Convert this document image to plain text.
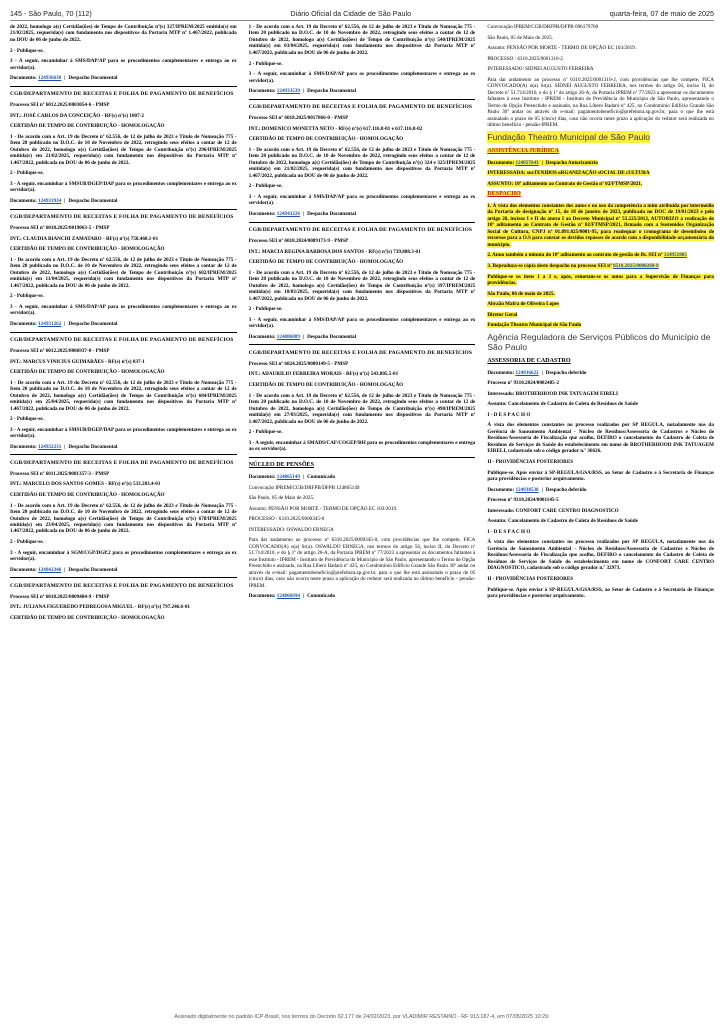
145 - São Paulo, 70 (112)	Diário Oficial da Cidade de São Paulo	quarta-feira, 07 de maio de 2025

de 2022, homologo a(s) Certidão(ões) de Tempo de Contribuição nº(s) 327/IPREM/2025 emitida(s) em 21/02/2025, requerida(s) com fundamento nos dispositivos da Portaria MTP nº 1.467/2022, publicada no DOU de 06 de junho de 2022.

2 - Publique-se.

3 - A seguir, encaminhar à SMS/DAP/AP para os procedimentos complementares e entrega ao ex servidor(a).

Documento: 124936630 | Despacho Documental

CGB/DEPARTAMENTO DE RECEITAS E FOLHA DE PAGAMENTO DE BENEFÍCIOS

Processo SEI nº 6012.2025/0003054-6 - PMSP

INT.: JOSÉ CARLOS DA CONCEIÇÃO - RF(s) nº(s) 1807-2

CERTIDÃO DE TEMPO DE CONTRIBUIÇÃO - HOMOLOGAÇÃO

1 - De acordo com o Art. 19 do Decreto nº 62.556, de 12 de julho de 2023 e Título de Nomeação 775 - Item 20 publicado no D.O.C. de 10 de Novembro de 2022, retrogindo seus efeitos a contar de 12 de Outubro de 2022, homologo a(s) Certidão(ões) de Tempo de Contribuição nº(s) 296/IPREM/2025 emitida(s) em 21/02/2025, requerida(s) com fundamento nos dispositivos da Portaria MTP nº 1.467/2022, publicada no DOU de 06 de junho de 2022.

2 - Publique-se.

3 - A seguir, encaminhar à SMSUB/DGEP/DAP para os procedimentos complementares e entrega ao ex servidor(a).

Documento: 124933934 | Despacho Documental

CGB/DEPARTAMENTO DE RECEITAS E FOLHA DE PAGAMENTO DE BENEFÍCIOS

Processo SEI nº 6018.2025/0019063-5 - PMSP

INT.: CLAUDIA BIANCHI ZAMATARO - RF(s) nº(s) 758.460.1-01

CERTIDÃO DE TEMPO DE CONTRIBUIÇÃO - HOMOLOGAÇÃO

1 - De acordo com o Art. 19 do Decreto nº 62.556, de 12 de julho de 2023 e Título de Nomeação 775 - Item 20 publicado no D.O.C. de 10 de Novembro de 2022, retrogindo seus efeitos a contar de 12 de Outubro de 2022, homologo a(s) Certidão(ões) de Tempo de Contribuição nº(s) 602/IPREM/2025 emitida(s) em 11/04/2025, requerida(s) com fundamento nos dispositivos da Portaria MTP nº 1.467/2022, publicada no DOU de 06 de junho de 2022.

2 - Publique-se.

3 - A seguir, encaminhar à SMS/DAP/AP para os procedimentos complementares e entrega ao ex servidor(a).

Documento: 124931262 | Despacho Documental

CGB/DEPARTAMENTO DE RECEITAS E FOLHA DE PAGAMENTO DE BENEFÍCIOS

Processo SEI nº 6012.2025/0006937-0 - PMSP

INT.: MARCUS VINICIUS GUIMARÃES - RF(s) nº(s) 837-1

CERTIDÃO DE TEMPO DE CONTRIBUIÇÃO - HOMOLOGAÇÃO

1 - De acordo com o Art. 19 do Decreto nº 62.556, de 12 de julho de 2023 e Título de Nomeação 775 - Item 20 publicado no D.O.C. de 10 de Novembro de 2022, retrogindo seus efeitos a contar de 12 de Outubro de 2022, homologo a(s) Certidão(ões) de Tempo de Contribuição nº(s) 684/IPREM/2025 emitida(s) em 25/04/2025, requerida(s) com fundamento nos dispositivos da Portaria MTP nº 1.467/2022, publicada no DOU de 06 de junho de 2022.

2 - Publique-se.

3 - A seguir, encaminhar à SMSUB/DGEP/DAP para os procedimentos complementares e entrega ao ex servidor(a).

Documento: 124932231 | Despacho Documental

CGB/DEPARTAMENTO DE RECEITAS E FOLHA DE PAGAMENTO DE BENEFÍCIOS

Processo SEI nº 6011.2025/0001357-3 - PMSP

INT.: MARCELO DOS SANTOS GOMES - RF(s) nº(s) 533.283.4-01

CERTIDÃO DE TEMPO DE CONTRIBUIÇÃO - HOMOLOGAÇÃO

1 - De acordo com o Art. 19 do Decreto nº 62.556, de 12 de julho de 2023 e Título de Nomeação 775 - Item 20 publicado no D.O.C. de 10 de Novembro de 2022, retrogindo seus efeitos a contar de 12 de Outubro de 2022, homologo a(s) Certidão(ões) de Tempo de Contribuição nº(s) 678/IPREM/2025 emitida(s) em 23/04/2025, requerida(s) com fundamento nos dispositivos da Portaria MTP nº 1.467/2022, publicada no DOU de 06 de junho de 2022.

2 - Publique-se.

3 - A seguir, encaminhar à SGM/CGP/DGP.2 para os procedimentos complementares e entrega ao ex servidor(a).

Documento: 124942346 | Despacho Documental

CGB/DEPARTAMENTO DE RECEITAS E FOLHA DE PAGAMENTO DE BENEFÍCIOS

Processo SEI nº 6018.2025/0009484-9 - PMSP

INT.: JULIANA FIGUEREDO PEDREGOSA MIGUEL - RF(s) nº(s) 797.246.6-01

CERTIDÃO DE TEMPO DE CONTRIBUIÇÃO - HOMOLOGAÇÃO

1 - De acordo com o Art. 19 do Decreto nº 62.556, de 12 de julho de 2023 e Título de Nomeação 775 - Item 20 publicado no D.O.C. de 10 de Novembro de 2022, retrogindo seus efeitos a contar de 12 de Outubro de 2022, homologo a(s) Certidão(ões) de Tempo de Contribuição nº(s) 540/IPREM/2025 emitida(s) em 03/04/2025, requerida(s) com fundamento nos dispositivos da Portaria MTP nº 1.467/2022, publicada no DOU de 06 de junho de 2022.

2 - Publique-se.

3 - A seguir, encaminhar à SMS/DAP/AP para os procedimentos complementares e entrega ao ex servidor(a).

Documento: 124933539 | Despacho Documental

CGB/DEPARTAMENTO DE RECEITAS E FOLHA DE PAGAMENTO DE BENEFÍCIOS

Processo SEI nº 6018.2025/0017866-0 - PMSP

INT.: DOMENICO MONETTA NETO - RF(s) nº(s) 617.116.8-01 e 617.116.8-02

CERTIDÃO DE TEMPO DE CONTRIBUIÇÃO - HOMOLOGAÇÃO

1 - De acordo com o Art. 19 do Decreto nº 62.556, de 12 de julho de 2023 e Título de Nomeação 775 - Item 20 publicado no D.O.C. de 10 de Novembro de 2022, retrogindo seus efeitos a contar de 12 de Outubro de 2022, homologo a(s) Certidão(ões) de Tempo de Contribuição nº(s) 324 e 325/IPREM/2025 emitida(s) em 21/02/2025, requerida(s) com fundamento nos dispositivos da Portaria MTP nº 1.467/2022, publicada no DOU de 06 de junho de 2022.

2 - Publique-se.

3 - A seguir, encaminhar à SMS/DAP/AP para os procedimentos complementares e entrega ao ex servidor(a).

Documento: 124943226 | Despacho Documental

CGB/DEPARTAMENTO DE RECEITAS E FOLHA DE PAGAMENTO DE BENEFÍCIOS

Processo SEI nº 6018.2024/0089173-9 - PMSP

INT.: MARCIA REGINA BARBOSA DOS SANTOS - RF(s) nº(s) 739.888.3-01

CERTIDÃO DE TEMPO DE CONTRIBUIÇÃO - HOMOLOGAÇÃO

1 - De acordo com o Art. 19 do Decreto nº 62.556, de 12 de julho de 2023 e Título de Nomeação 775 - Item 20 publicado no D.O.C. de 10 de Novembro de 2022, retrogindo seus efeitos a contar de 12 de Outubro de 2022, homologo a(s) Certidão(ões) de Tempo de Contribuição nº(s) 397/IPREM/2025 emitida(s) em 10/03/2025, requerida(s) com fundamento nos dispositivos da Portaria MTP nº 1.467/2022, publicada no DOU de 06 de junho de 2022.

2 - Publique-se.

3 - A seguir, encaminhar à SMS/DAP/AP para os procedimentos complementares e entrega ao ex servidor(a).

Documento: 124886889 | Despacho Documental

CGB/DEPARTAMENTO DE RECEITAS E FOLHA DE PAGAMENTO DE BENEFÍCIOS

Processo SEI nº 6024.2025/0000149-5 - PMSP

INT.: ADAURILIO FERREIRA MORAIS - RF(s) nº(s) 543.805.5-01

CERTIDÃO DE TEMPO DE CONTRIBUIÇÃO - HOMOLOGAÇÃO

1 - De acordo com o Art. 19 do Decreto nº 62.556, de 12 de julho de 2023 e Título de Nomeação 775 - Item 20 publicado no D.O.C. de 10 de Novembro de 2022, retrogindo seus efeitos a contar de 12 de Outubro de 2022, homologo a(s) Certidão(ões) de Tempo de Contribuição nº(s) 498/IPREM/2025 emitida(s) em 27/03/2025, requerida(s) com fundamento nos dispositivos da Portaria MTP nº 1.467/2022, publicada no DOU de 06 de junho de 2022.

2 - Publique-se.

3 - A seguir, encaminhar à SMADS/CAF/COGEP/RH para os procedimentos complementares e entrega ao ex servidor(a).

NÚCLEO DE PENSÕES

Documento: 124865149 | Comunicado

Convocação IPREM/CGB/DRFPB/DFPB 124865149

São Paulo, 05 de Maio de 2025.

Assunto: PENSÃO POR MORTE - TERMO DE OPÇÃO EC 103/2019.

PROCESSO : 6310.2025/0000345-0

INTERESSADO: OSWALDO ERNEGA

Para dar andamento ao processo nº 6310.2025/0000345-0, com providências que lhe compete, FICA CONVOCADO(A) o(a) Sr(a). OSWALDO ERNEGA, nos termos do artigo 56, inciso II, do Decreto nº 51.714/2010, e do § 1º do artigo 26-A, da Portaria IPREM nº 77/2023 a apresentar os documentos faltantes à esse Instituto - IPREM - Instituto de Previdência do Município de São Paulo, apresentando o Termo de Opção Preenchido e assinado, na Rua Líbero Badaró nº 425, no Condomínio Edifício Grande São Paulo 30º andar ou através do e-mail: pagamentobeneficio@prefeitura.sp.gov.br, para o que lhe está assinalado o prazo de 05 (cinco) dias, caso não ocorra neste prazo a aplicação do redutor será realizada no último benefício - pensão-IPREM.

Documento: 124866694 | Comunicado

Convocação IPREM/CGB/DRFPB/DFPB 096179760

São Paulo, 05 de Maio de 2025.

Assunto: PENSÃO POR MORTE - TERMO DE OPÇÃO EC 103/2019.

PROCESSO : 6310.2025/0001310-2

INTERESSADO: SIDNEI AUGUSTO FERREIRA

Para dar andamento ao processo nº 6310.2025/0001310-2, com providências que lhe compete, FICA CONVOCADO(A) o(a) Sr(a). SIDNEI AUGUSTO FERREIRA, nos termos do artigo 56, inciso II, do Decreto nº 51.714/2010, e do § 1º do artigo 26-A, da Portaria IPREM nº 77/2023 a apresentar os documentos faltantes à esse Instituto - IPREM - Instituto de Previdência do Município de São Paulo, apresentando o Termo de Opção Preenchido e assinado, na Rua Líbero Badaró nº 425, no Condomínio Edifício Grande São Paulo 30º andar ou através do e-mail: pagamentobeneficio@prefeitura.sp.gov.br, para o que lhe está assinalado o prazo de 05 (cinco) dias, caso não ocorra neste prazo a aplicação do redutor será realizada no último benefício - pensão-IPREM.

Fundação Theatro Municipal de São Paulo

ASSISTÊNCIA JURÍDICA

Documento: 124957643 | Despacho Autorizatório

INTERESSADA: susTENIDOS oRGANIZAÇÃO sOCIAL DE cULTURA

ASSUNTO: 10º aditamento ao Contrato de Gestão nº 02/FTMSP/2021.

DESPACHO

1. À vista dos elementos constantes dos autos e no uso da competência a mim atribuída por intermédio da Portaria de designação nº 15, de 18 de janeiro de 2023, publicada no DOC de 19/01/2023 e pelo artigo 28, incisos I e II do anexo I ao Decreto Municipal nº 53.225/2012, AUTORIZO a realização do 10º aditamento ao Contrato de Gestão nº 02/FTMSP/2021, firmado com a Sustenidos Organização Social de Cultura, CNPJ nº 01.891.025/0001-95, para readequar o cronograma de desembolso de recursos para a O.S para constar os devidos repasses de acordo com a disponibilidade orçamentária do município.

2. Anuo também a minuta do 10º aditamento ao contrato de gestão de fls. SEI nº 124951805

3. Reproduza-se cópia deste despacho no processo SEI nº 8510.2025/0000260-0

Publique-se os itens 1 a 3 e, após, remetam-se os autos para a Supervisão de Finanças para providências.

São Paulo, 06 de maio de 2025.

Abraão Mafra de Oliveira Lopes

Diretor Geral

Fundação Theatro Municipal de São Paulo

Agência Reguladora de Serviços Públicos do Município de São Paulo

ASSESSORIA DE CADASTRO

Documento: 124936622 | Despacho deferido

Processo nº 9310.2024/0002485-2

Interessado: BROTHERHOOD INK TATUAGEM EIRELI

Assunto: Cancelamento de Cadastro de Coleta de Resíduos de Saúde

I - D E S P A C H O

À vista dos elementos constantes no processo realizados por SP REGULA, notadamente nos da Gerência de Saneamento Ambiental - Núcleo de Resíduos/Assessoria de Cadastros e Núcleo de Resíduos/Assessoria de Fiscalização que acolho, DEFIRO o cancelamento do Cadastro de Coleta de Resíduos de Serviços de Saúde do estabelecimento em nome de BROTHERHOOD INK TATUAGEM EIRELI, cadastrado sob o código gerador n.º 36626.

II - PROVIDÊNCIAS POSTERIORES

Publique-se. Após enviar à SP-REGULA/GSA/RSS, ao Setor de Cadastro e à Secretaria de Finanças para providências e posterior arquivamento.

Documento: 124938538 | Despacho deferido

Processo nº 9310.2024/0001145-5

Interessado: CONFORT CARE CENTRO DIAGNOSTICO

Assunto: Cancelamento de Cadastro de Coleta de Resíduos de Saúde

I - D E S P A C H O

À vista dos elementos constantes no processo realizados por SP REGULA, notadamente nos da Gerência de Saneamento Ambiental - Núcleo de Resíduos/Assessoria de Cadastros e Núcleo de Resíduos/Assessoria de Fiscalização que acolho, DEFIRO o cancelamento do Cadastro de Coleta de Resíduos de Serviços de Saúde do estabelecimento em nome de CONFORT CARE CENTRO DIAGNOSTICO, cadastrado sob o código gerador n.º 32973.

II - PROVIDÊNCIAS POSTERIORES

Publique-se. Após enviar à SP-REGULA/GSA/RSS, ao Setor de Cadastro e à Secretaria de Finanças para providências e posterior arquivamento.

Assinado digitalmente no padrão ICP-Brasil, nos termos do Decreto 62.177 de 24/02/2023, por VLADIMIR RESTAINO - RF 913.187-4, em 07/05/2025 10:29.
